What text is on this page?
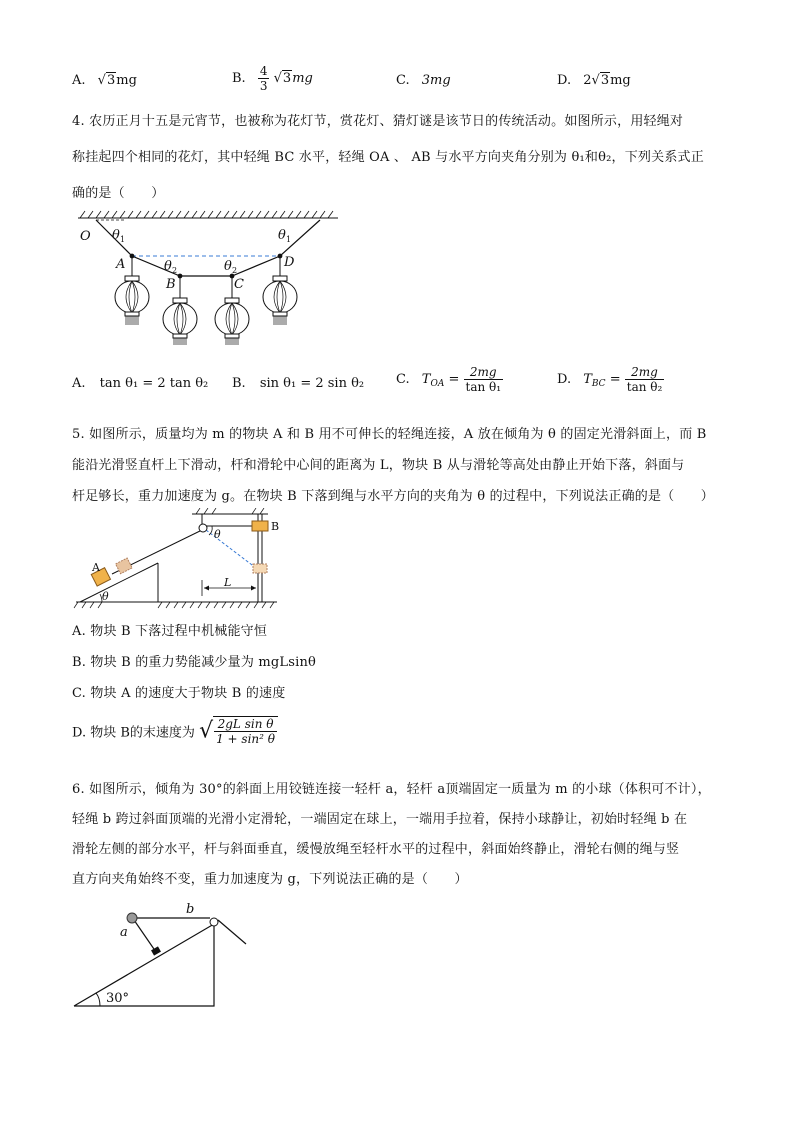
A. √3mg	B. $\frac{4}{3} √3mg$	C. 3mg	D. 2√3mg
4. 农历正月十五是元宵节，也被称为花灯节，赏花灯、猜灯谜是该节日的传统活动。如图所示，用轻绳对
称挂起四个相同的花灯，其中轻绳 BC 水平，轻绳 OA 、 AB 与水平方向夹角分别为 θ₁和θ₂，下列关系式正
确的是（　　）
O
A
B	C
D
θ 1	θ 1
θ 2	θ 2
A. tan θ₁ = 2 tan θ₂ B. sin θ₁ = 2 sin θ₂ C. $T_{OA} = \frac{2mg}{\text{tan θ₁}}$	D. $T_{BC} = \frac{2mg}{\text{tan θ₂}}$
5. 如图所示，质量均为 m 的物块 A 和 B 用不可伸长的轻绳连接，A 放在倾角为 θ 的固定光滑斜面上，而 B
能沿光滑竖直杆上下滑动，杆和滑轮中心间的距离为 L，物块 B 从与滑轮等高处由静止开始下落，斜面与
杆足够长，重力加速度为 g。在物块 B 下落到绳与水平方向的夹角为 θ 的过程中，下列说法正确的是（　　）
A
B
L
θ
θ
A. 物块 B 下落过程中机械能守恒
B. 物块 B 的重力势能减少量为 mgLsinθ
C. 物块 A 的速度大于物块 B 的速度
D. 物块 B的末速度为 √ $\frac{\text{2gL sin θ}}{\text{1 + sin² θ}}$
6. 如图所示，倾角为 30°的斜面上用铰链连接一轻杆 a，轻杆 a顶端固定一质量为 m 的小球（体积可不计），
轻绳 b 跨过斜面顶端的光滑小定滑轮，一端固定在球上，一端用手拉着，保持小球静让，初始时轻绳 b 在
滑轮左侧的部分水平，杆与斜面垂直，缓慢放绳至轻杆水平的过程中，斜面始终静止，滑轮右侧的绳与竖
直方向夹角始终不变，重力加速度为 g，下列说法正确的是（　　）
a
b
30°
